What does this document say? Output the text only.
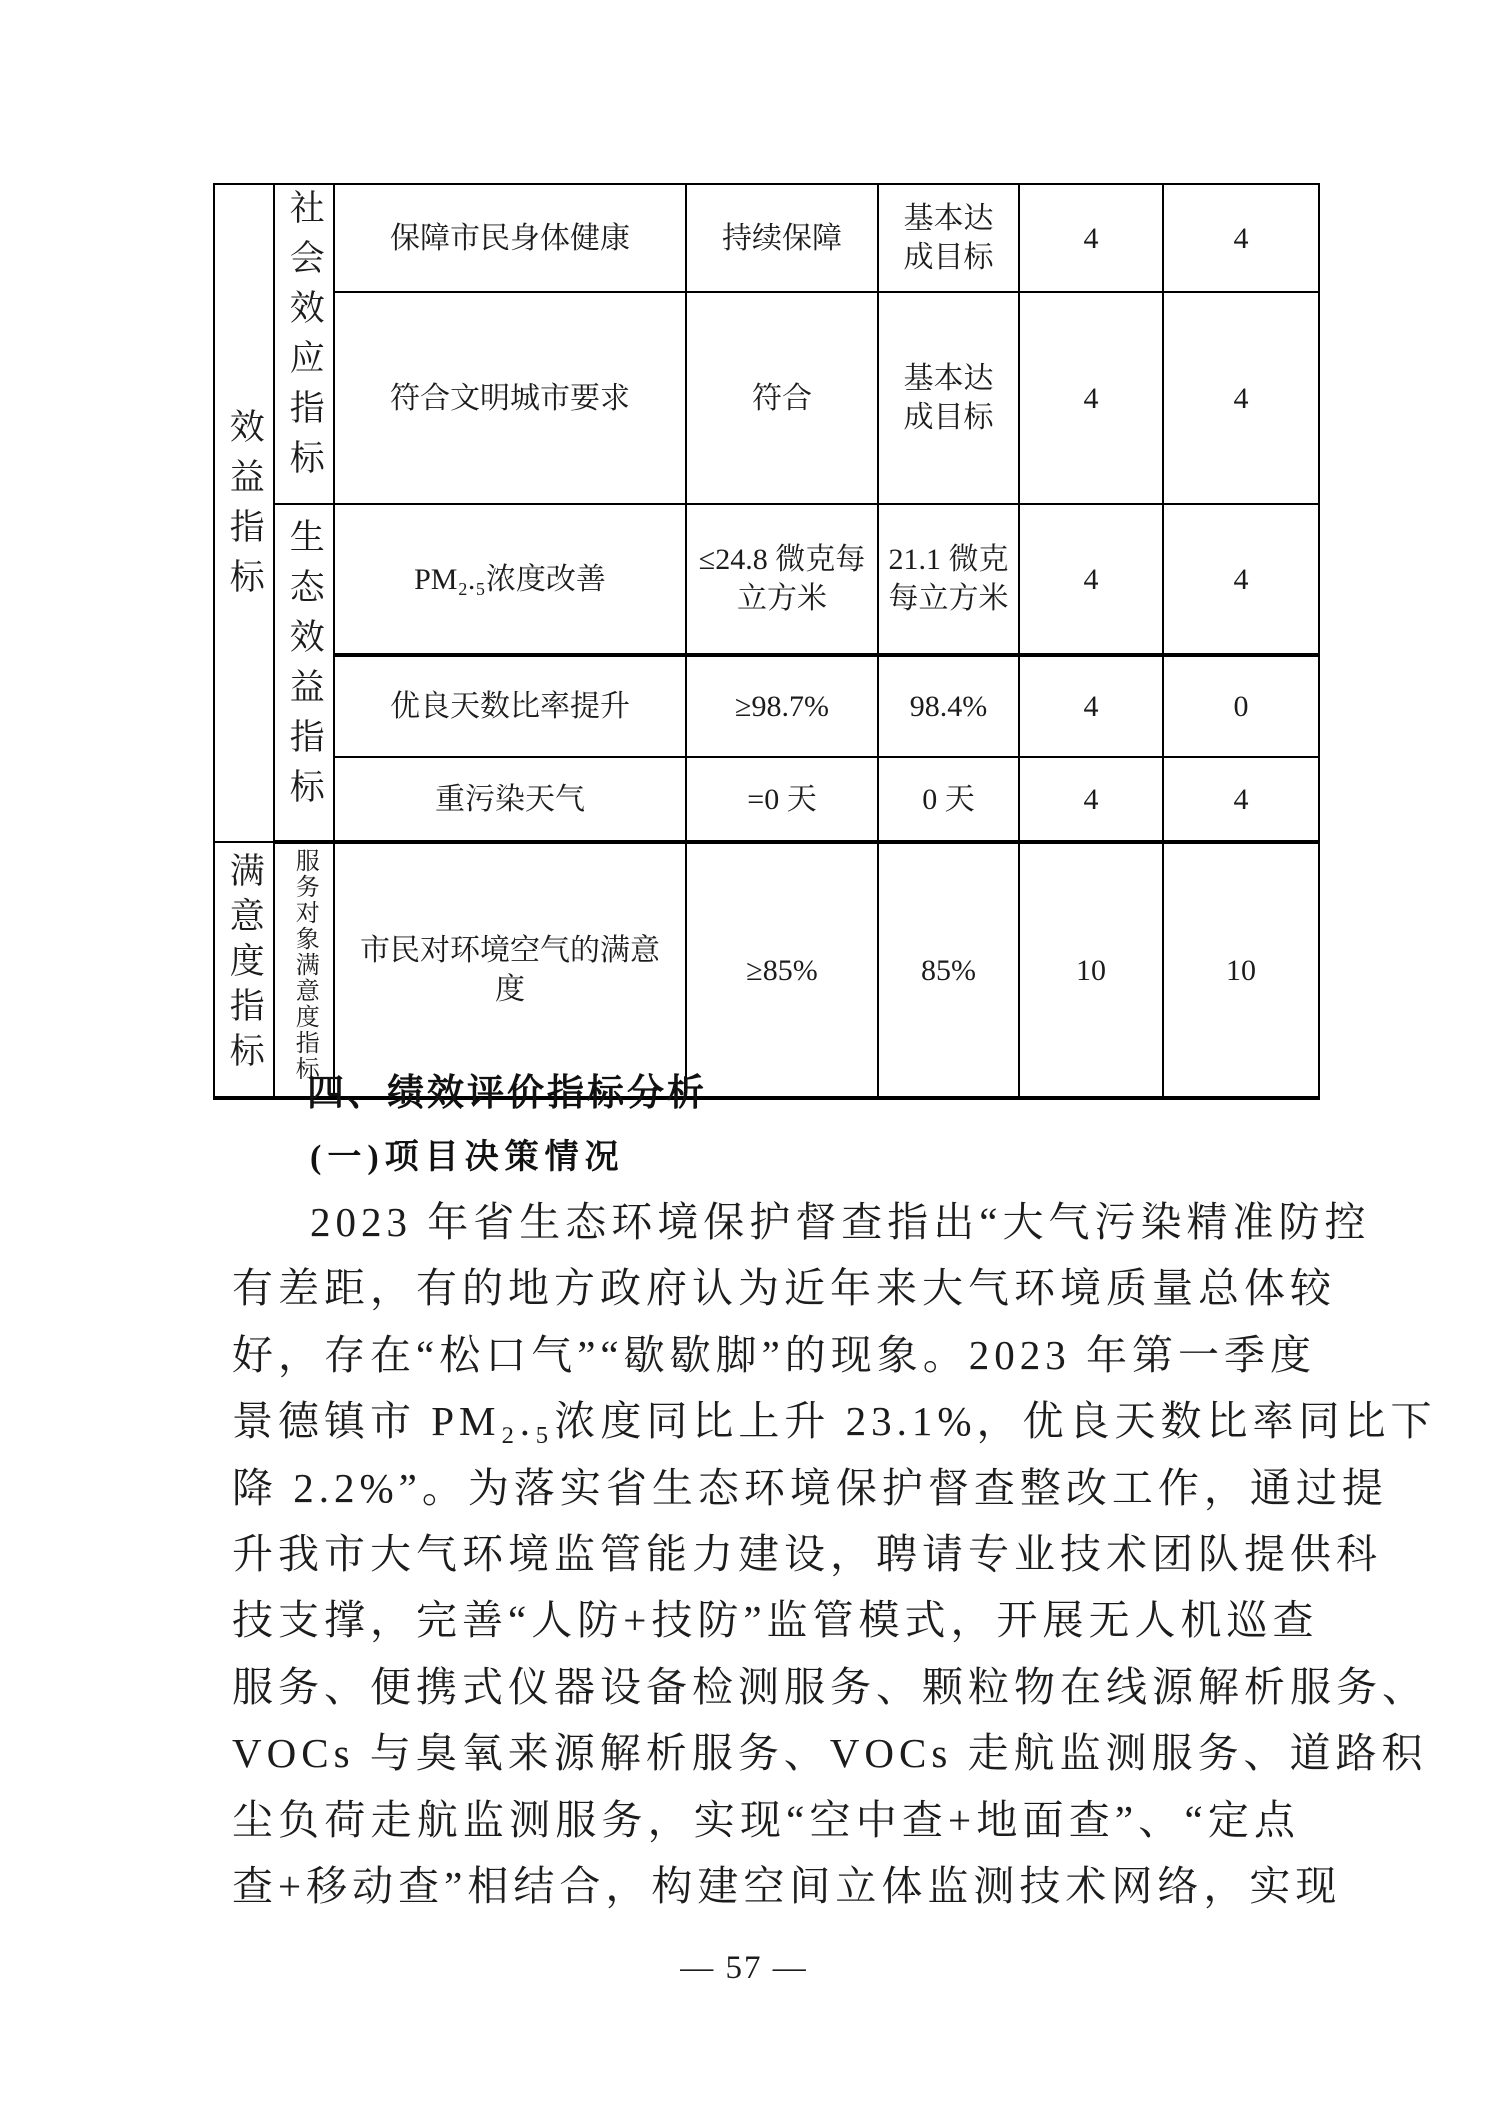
效益指标	社会效应指标	保障市民身体健康	持续保障	基本达成目标	4	4
		符合文明城市要求	符合	基本达成目标	4	4
	生态效益指标	PM₂.₅浓度改善	≤24.8 微克每立方米	21.1 微克每立方米	4	4
		优良天数比率提升	≥98.7%	98.4%	4	0
		重污染天气	=0 天	0 天	4	4
满意度指标	服务对象满意度指标	市民对环境空气的满意度	≥85%	85%	10	10
四、绩效评价指标分析
(一)项目决策情况
2023 年省生态环境保护督查指出“大气污染精准防控
有差距，有的地方政府认为近年来大气环境质量总体较
好，存在“松口气”“歇歇脚”的现象。2023 年第一季度
景德镇市 PM₂.₅浓度同比上升 23.1%，优良天数比率同比下
降 2.2%”。为落实省生态环境保护督查整改工作，通过提
升我市大气环境监管能力建设，聘请专业技术团队提供科
技支撑，完善“人防+技防”监管模式，开展无人机巡查
服务、便携式仪器设备检测服务、颗粒物在线源解析服务、
VOCs 与臭氧来源解析服务、VOCs 走航监测服务、道路积
尘负荷走航监测服务，实现“空中查+地面查”、“定点
查+移动查”相结合，构建空间立体监测技术网络，实现
— 57 —
